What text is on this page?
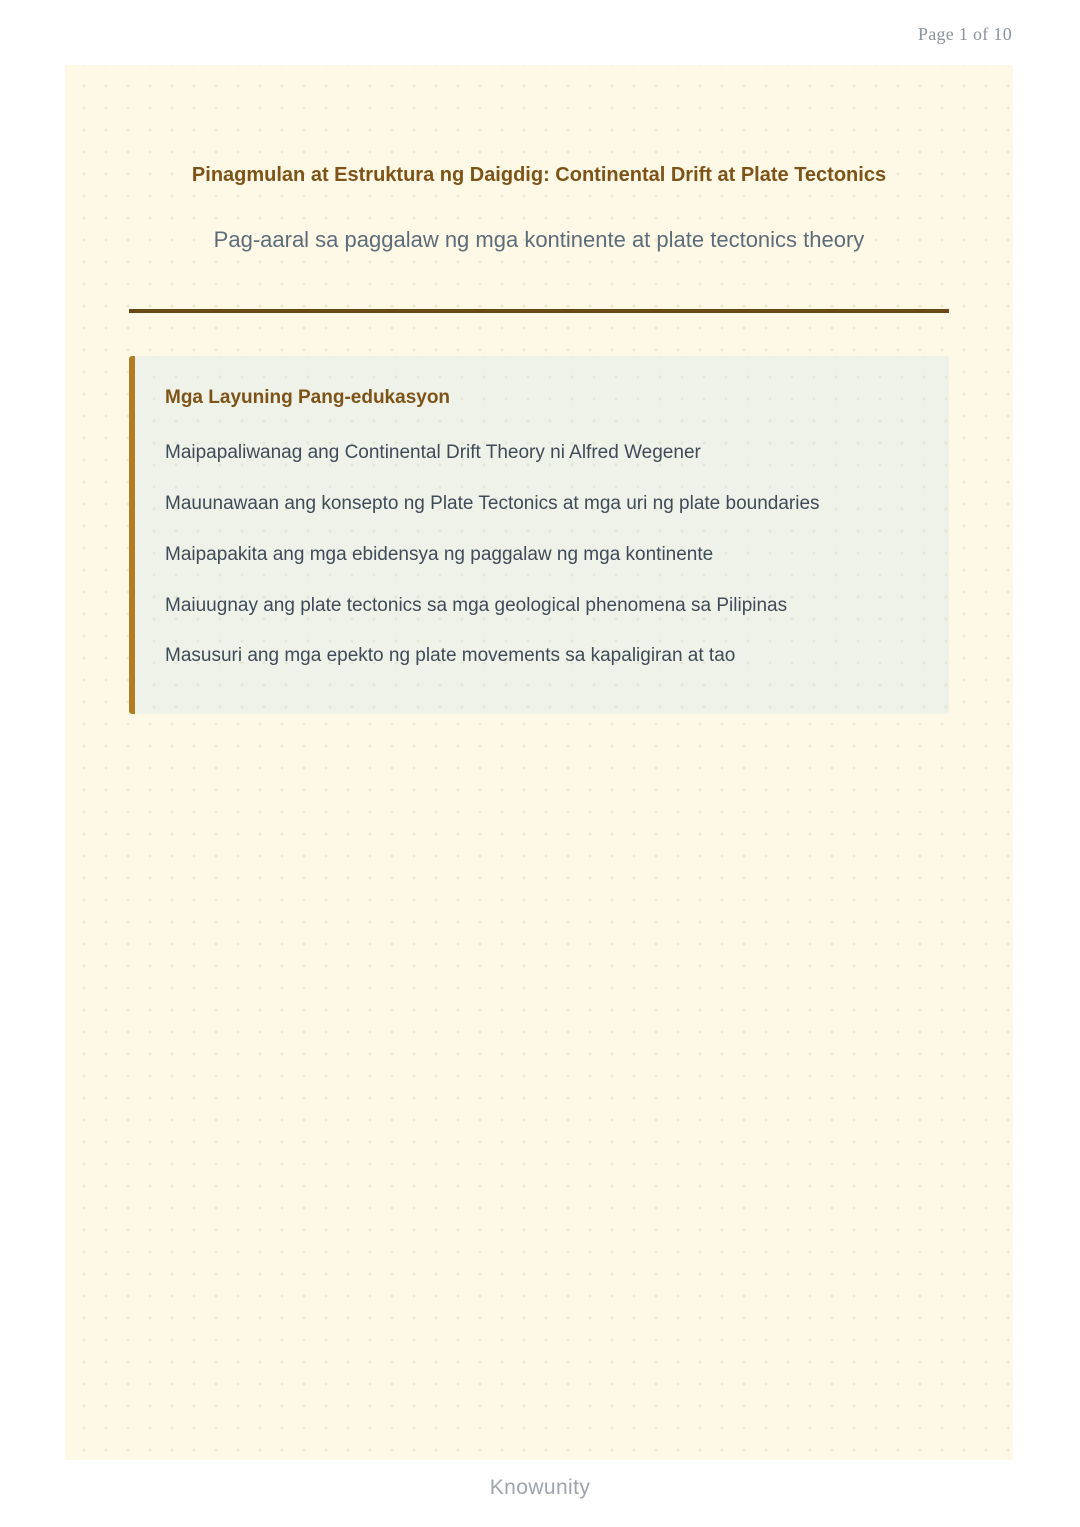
Page 1 of 10
Pinagmulan at Estruktura ng Daigdig: Continental Drift at Plate Tectonics
Pag-aaral sa paggalaw ng mga kontinente at plate tectonics theory
Mga Layuning Pang-edukasyon
Maipapaliwanag ang Continental Drift Theory ni Alfred Wegener
Mauunawaan ang konsepto ng Plate Tectonics at mga uri ng plate boundaries
Maipapakita ang mga ebidensya ng paggalaw ng mga kontinente
Maiuugnay ang plate tectonics sa mga geological phenomena sa Pilipinas
Masusuri ang mga epekto ng plate movements sa kapaligiran at tao
Knowunity
